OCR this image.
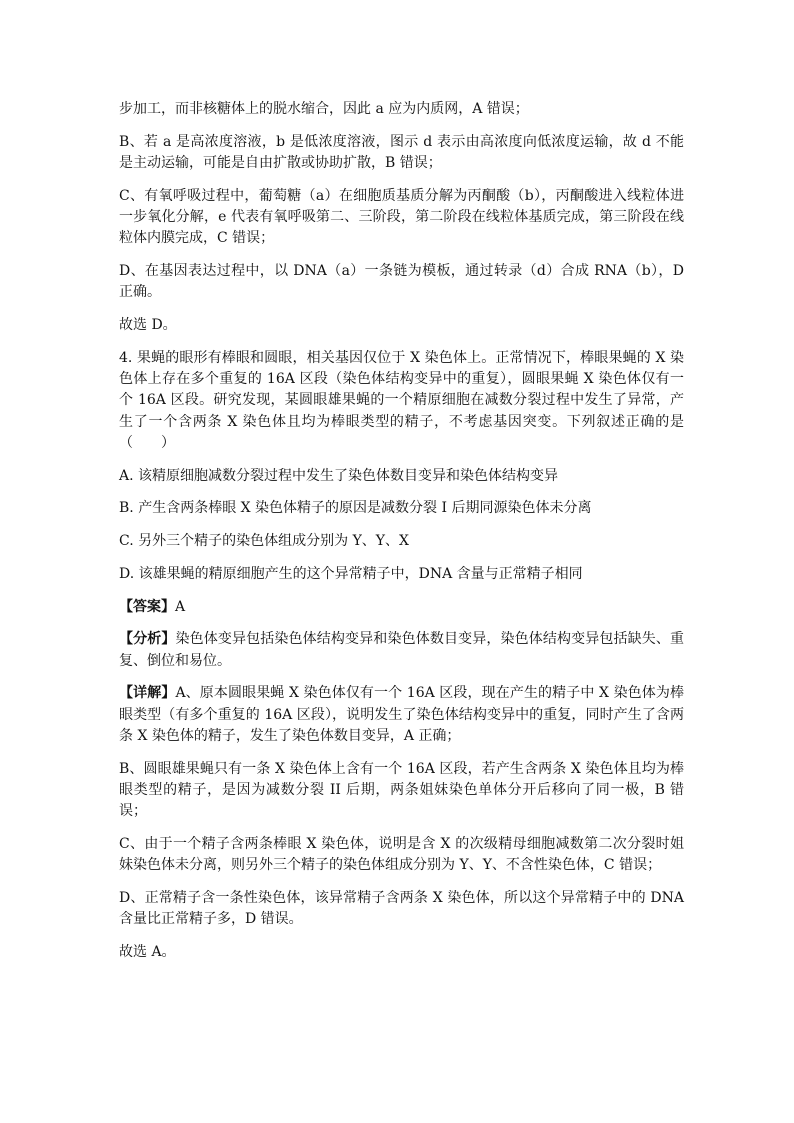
步加工，而非核糖体上的脱水缩合，因此 a 应为内质网，A 错误；

B、若 a 是高浓度溶液，b 是低浓度溶液，图示 d 表示由高浓度向低浓度运输，故 d 不能是主动运输，可能是自由扩散或协助扩散，B 错误；

C、有氧呼吸过程中，葡萄糖（a）在细胞质基质分解为丙酮酸（b），丙酮酸进入线粒体进一步氧化分解，e 代表有氧呼吸第二、三阶段，第二阶段在线粒体基质完成，第三阶段在线粒体内膜完成，C 错误；

D、在基因表达过程中，以 DNA（a）一条链为模板，通过转录（d）合成 RNA（b），D 正确。

故选 D。

4. 果蝇的眼形有棒眼和圆眼，相关基因仅位于 X 染色体上。正常情况下，棒眼果蝇的 X 染色体上存在多个重复的 16A 区段（染色体结构变异中的重复），圆眼果蝇 X 染色体仅有一个 16A 区段。研究发现，某圆眼雄果蝇的一个精原细胞在减数分裂过程中发生了异常，产生了一个含两条 X 染色体且均为棒眼类型的精子，不考虑基因突变。下列叙述正确的是（　　）

A. 该精原细胞减数分裂过程中发生了染色体数目变异和染色体结构变异

B. 产生含两条棒眼 X 染色体精子的原因是减数分裂 I 后期同源染色体未分离

C. 另外三个精子的染色体组成分别为 Y、Y、X

D. 该雄果蝇的精原细胞产生的这个异常精子中，DNA 含量与正常精子相同

【答案】A

【分析】染色体变异包括染色体结构变异和染色体数目变异，染色体结构变异包括缺失、重复、倒位和易位。

【详解】A、原本圆眼果蝇 X 染色体仅有一个 16A 区段，现在产生的精子中 X 染色体为棒眼类型（有多个重复的 16A 区段），说明发生了染色体结构变异中的重复，同时产生了含两条 X 染色体的精子，发生了染色体数目变异，A 正确；

B、圆眼雄果蝇只有一条 X 染色体上含有一个 16A 区段，若产生含两条 X 染色体且均为棒眼类型的精子，是因为减数分裂 II 后期，两条姐妹染色单体分开后移向了同一极，B 错误；

C、由于一个精子含两条棒眼 X 染色体，说明是含 X 的次级精母细胞减数第二次分裂时姐妹染色体未分离，则另外三个精子的染色体组成分别为 Y、Y、不含性染色体，C 错误；

D、正常精子含一条性染色体，该异常精子含两条 X 染色体，所以这个异常精子中的 DNA 含量比正常精子多，D 错误。

故选 A。
